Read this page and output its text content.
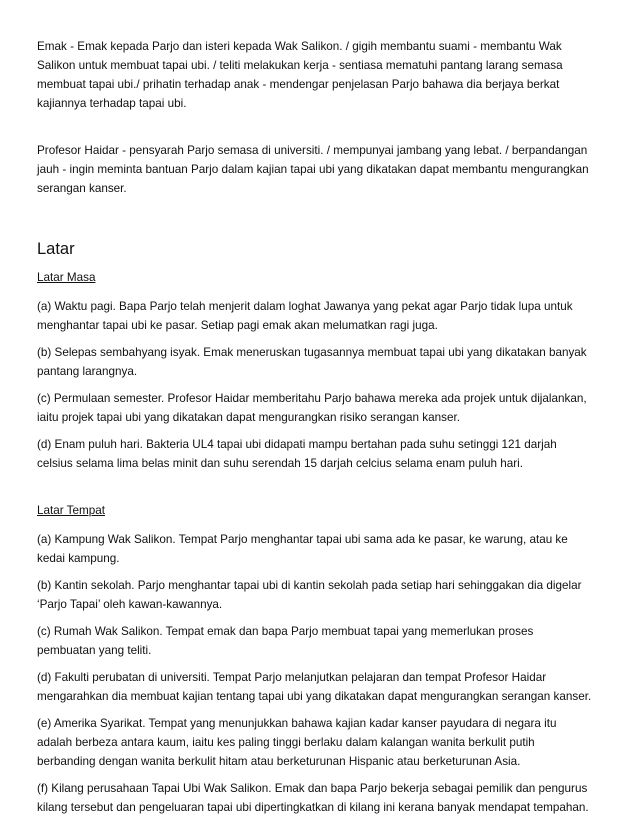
Emak - Emak kepada Parjo dan isteri kepada Wak Salikon. / gigih membantu suami - membantu Wak Salikon untuk membuat tapai ubi. / teliti melakukan kerja - sentiasa mematuhi pantang larang semasa membuat tapai ubi./ prihatin terhadap anak - mendengar penjelasan Parjo bahawa dia berjaya berkat kajiannya terhadap tapai ubi.

Profesor Haidar - pensyarah Parjo semasa di universiti. / mempunyai jambang yang lebat. / berpandangan jauh - ingin meminta bantuan Parjo dalam kajian tapai ubi yang dikatakan dapat membantu mengurangkan serangan kanser.

Latar

Latar Masa

(a) Waktu pagi. Bapa Parjo telah menjerit dalam loghat Jawanya yang pekat agar Parjo tidak lupa untuk menghantar tapai ubi ke pasar. Setiap pagi emak akan melumatkan ragi juga.

(b) Selepas sembahyang isyak. Emak meneruskan tugasannya membuat tapai ubi yang dikatakan banyak pantang larangnya.

(c) Permulaan semester. Profesor Haidar memberitahu Parjo bahawa mereka ada projek untuk dijalankan, iaitu projek tapai ubi yang dikatakan dapat mengurangkan risiko serangan kanser.

(d) Enam puluh hari. Bakteria UL4 tapai ubi didapati mampu bertahan pada suhu setinggi 121 darjah celsius selama lima belas minit dan suhu serendah 15 darjah celcius selama enam puluh hari.

Latar Tempat

(a) Kampung Wak Salikon. Tempat Parjo menghantar tapai ubi sama ada ke pasar, ke warung, atau ke kedai kampung.

(b) Kantin sekolah. Parjo menghantar tapai ubi di kantin sekolah pada setiap hari sehinggakan dia digelar ‘Parjo Tapai’ oleh kawan-kawannya.

(c) Rumah Wak Salikon. Tempat emak dan bapa Parjo membuat tapai yang memerlukan proses pembuatan yang teliti.

(d) Fakulti perubatan di universiti. Tempat Parjo melanjutkan pelajaran dan tempat Profesor Haidar mengarahkan dia membuat kajian tentang tapai ubi yang dikatakan dapat mengurangkan serangan kanser.

(e) Amerika Syarikat. Tempat yang menunjukkan bahawa kajian kadar kanser payudara di negara itu adalah berbeza antara kaum, iaitu kes paling tinggi berlaku dalam kalangan wanita berkulit putih berbanding dengan wanita berkulit hitam atau berketurunan Hispanic atau berketurunan Asia.

(f) Kilang perusahaan Tapai Ubi Wak Salikon. Emak dan bapa Parjo bekerja sebagai pemilik dan pengurus kilang tersebut dan pengeluaran tapai ubi dipertingkatkan di kilang ini kerana banyak mendapat tempahan.
